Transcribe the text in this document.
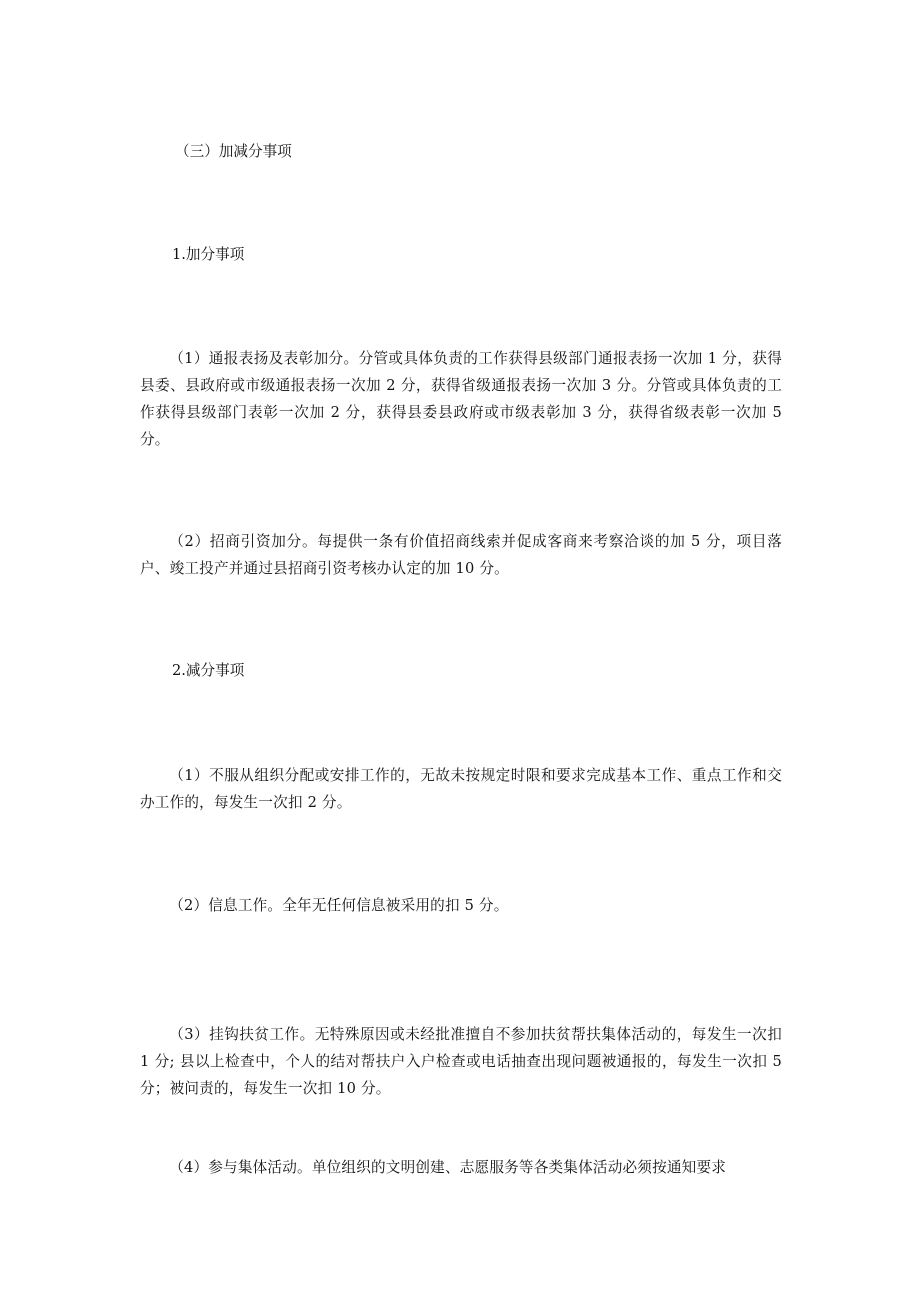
（三）加减分事项

1.加分事项

（1）通报表扬及表彰加分。分管或具体负责的工作获得县级部门通报表扬一次加 1 分，获得县委、县政府或市级通报表扬一次加 2 分，获得省级通报表扬一次加 3 分。分管或具体负责的工作获得县级部门表彰一次加 2 分，获得县委县政府或市级表彰加 3 分，获得省级表彰一次加 5 分。

（2）招商引资加分。每提供一条有价值招商线索并促成客商来考察洽谈的加 5 分，项目落户、竣工投产并通过县招商引资考核办认定的加 10 分。

2.减分事项

（1）不服从组织分配或安排工作的，无故未按规定时限和要求完成基本工作、重点工作和交办工作的，每发生一次扣 2 分。

（2）信息工作。全年无任何信息被采用的扣 5 分。

（3）挂钩扶贫工作。无特殊原因或未经批准擅自不参加扶贫帮扶集体活动的，每发生一次扣 1 分; 县以上检查中，个人的结对帮扶户入户检查或电话抽查出现问题被通报的，每发生一次扣 5 分；被问责的，每发生一次扣 10 分。

（4）参与集体活动。单位组织的文明创建、志愿服务等各类集体活动必须按通知要求
